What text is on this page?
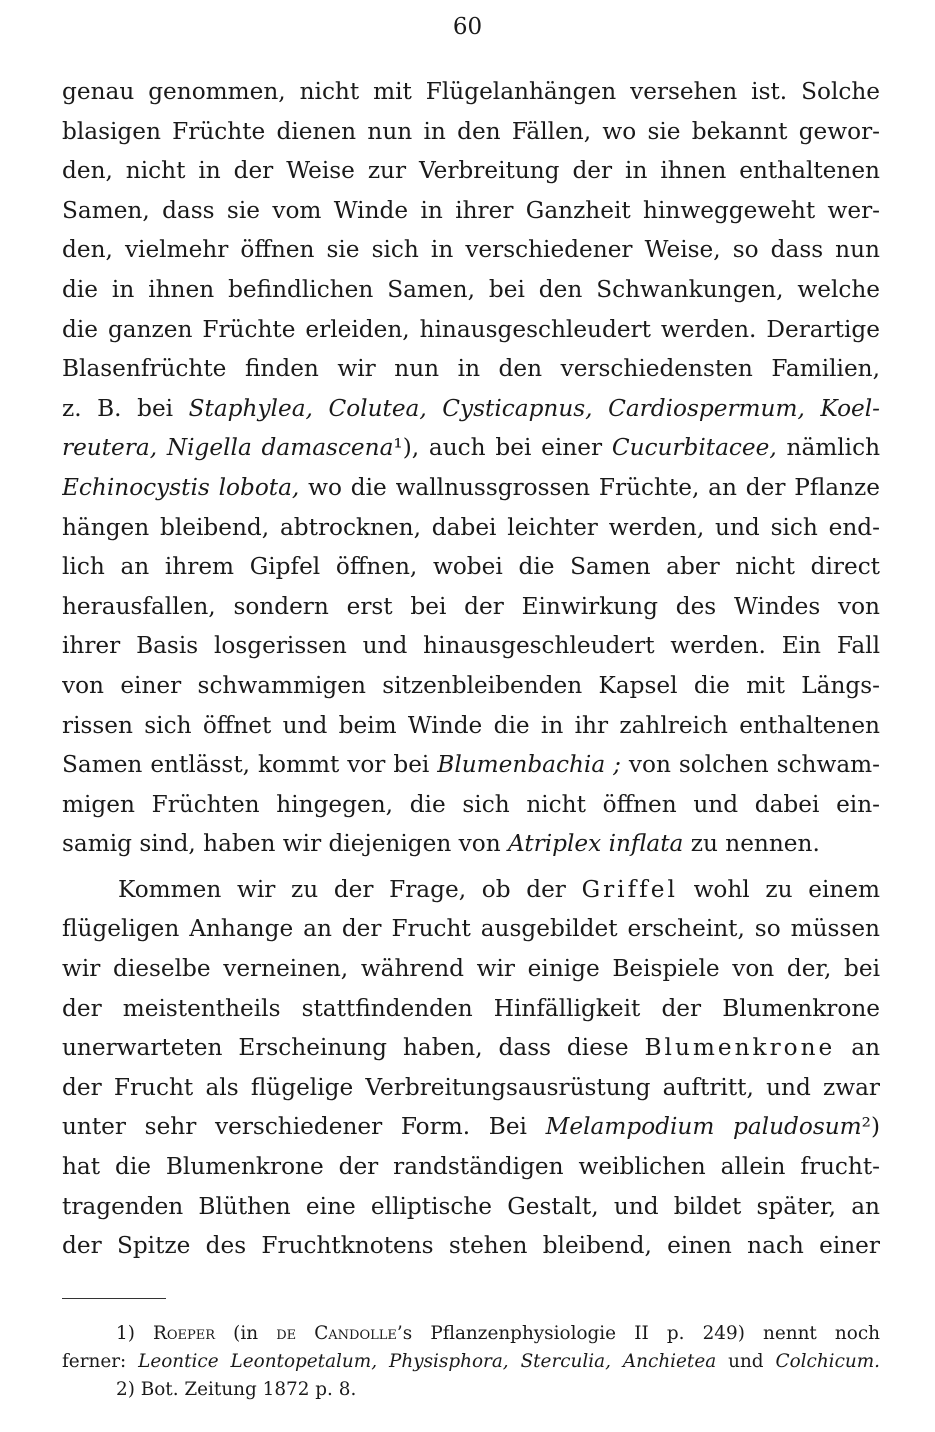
60
genau genommen, nicht mit Flügelanhängen versehen ist. Solche
blasigen Früchte dienen nun in den Fällen, wo sie bekannt gewor-
den, nicht in der Weise zur Verbreitung der in ihnen enthaltenen
Samen, dass sie vom Winde in ihrer Ganzheit hinweggeweht wer-
den, vielmehr öffnen sie sich in verschiedener Weise, so dass nun
die in ihnen befindlichen Samen, bei den Schwankungen, welche
die ganzen Früchte erleiden, hinausgeschleudert werden. Derartige
Blasenfrüchte finden wir nun in den verschiedensten Familien,
z. B. bei Staphylea, Colutea, Cysticapnus, Cardiospermum, Koel-
reutera, Nigella damascena¹), auch bei einer Cucurbitacee, nämlich
Echinocystis lobota, wo die wallnussgrossen Früchte, an der Pflanze
hängen bleibend, abtrocknen, dabei leichter werden, und sich end-
lich an ihrem Gipfel öffnen, wobei die Samen aber nicht direct
herausfallen, sondern erst bei der Einwirkung des Windes von
ihrer Basis losgerissen und hinausgeschleudert werden. Ein Fall
von einer schwammigen sitzenbleibenden Kapsel die mit Längs-
rissen sich öffnet und beim Winde die in ihr zahlreich enthaltenen
Samen entlässt, kommt vor bei Blumenbachia ; von solchen schwam-
migen Früchten hingegen, die sich nicht öffnen und dabei ein-
samig sind, haben wir diejenigen von Atriplex inflata zu nennen.
Kommen wir zu der Frage, ob der Griffel wohl zu einem
flügeligen Anhange an der Frucht ausgebildet erscheint, so müssen
wir dieselbe verneinen, während wir einige Beispiele von der, bei
der meistentheils stattfindenden Hinfälligkeit der Blumenkrone
unerwarteten Erscheinung haben, dass diese Blumenkrone an
der Frucht als flügelige Verbreitungsausrüstung auftritt, und zwar
unter sehr verschiedener Form. Bei Melampodium paludosum²)
hat die Blumenkrone der randständigen weiblichen allein frucht-
tragenden Blüthen eine elliptische Gestalt, und bildet später, an
der Spitze des Fruchtknotens stehen bleibend, einen nach einer
1) Roeper (in de Candolle’s Pflanzenphysiologie II p. 249) nennt noch
ferner: Leontice Leontopetalum, Physisphora, Sterculia, Anchietea und Colchicum.
2) Bot. Zeitung 1872 p. 8.
